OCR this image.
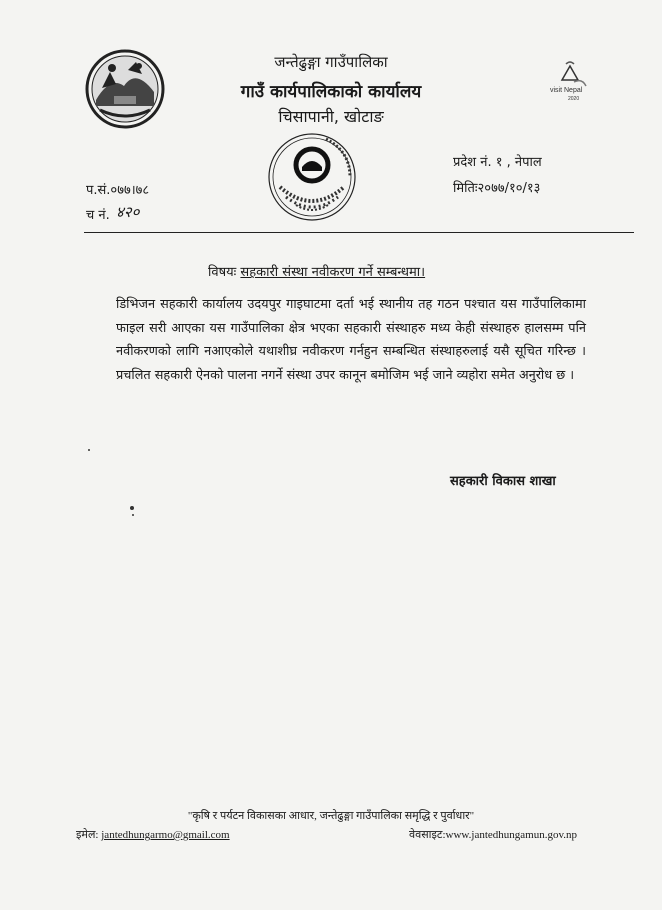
visit Nepal
2020
जन्तेढुङ्गा गाउँपालिका
गाउँ कार्यपालिकाको कार्यालय
चिसापानी, खोटाङ
प्रदेश नं. १ , नेपाल
मितिः२०७७/१०/१३
प.सं.०७७।७८
च नं. ४२०
विषयः सहकारी संस्था नवीकरण गर्ने सम्बन्धमा।
डिभिजन सहकारी कार्यालय उदयपुर गाइघाटमा दर्ता भई स्थानीय तह गठन पश्चात यस गाउँपालिकामा फाइल सरी आएका यस गाउँपालिका क्षेत्र भएका सहकारी संस्थाहरु मध्य केही संस्थाहरु हालसम्म पनि नवीकरणको लागि नआएकोले यथाशीघ्र नवीकरण गर्नहुन सम्बन्धित संस्थाहरुलाई यसै सूचित गरिन्छ । प्रचलित सहकारी ऐनको पालना नगर्ने संस्था उपर कानून बमोजिम भई जाने व्यहोरा समेत अनुरोध छ ।
सहकारी विकास शाखा
"कृषि र पर्यटन विकासका आधार, जन्तेढुङ्गा गाउँपालिका समृद्धि र पुर्वाधार"
इमेल: jantedhungarmo@gmail.com	वेवसाइट:www.jantedhungamun.gov.np
